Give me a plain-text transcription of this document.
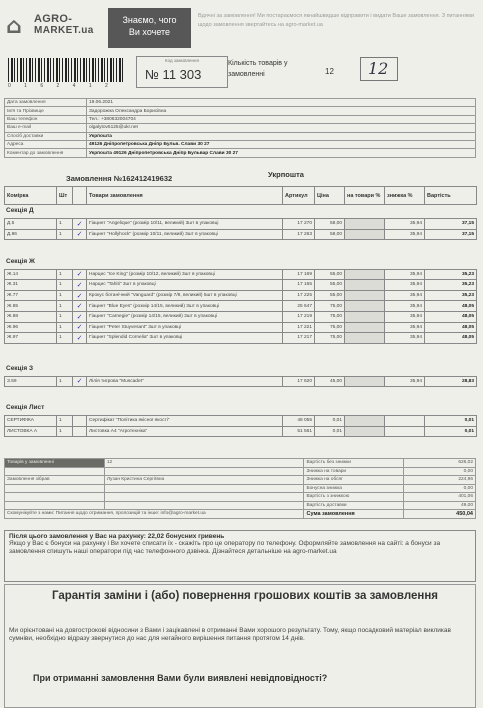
⌂ AGRO-
MARKET.ua
Знаємо, чого
Ви хочете
Вдячні за замовлення! Ми постараємося якнайшвидше відправити і видати Ваше замовлення. З питаннями щодо замовлення звертайтесь на agro-market.ua
0 1 6 2 4 1 2
Код замовлення
№ 11 303
Кількість товарів у замовленні	12 12
Дата замовлення	19.06.2021
Ім'я та Прізвище	Задорожна Олександра Борисівна
Ваш телефон	Тел.: +380632004704
Ваш e-mail	olgalytov5125@ukr.net
Спосіб доставки	Укрпошта
Адреса	49126 Дніпропетровська Дніпр Бульв. Слави 30 27
Коментар до замовлення	Укрпошта 49126 Дніпропетровська Дніпр Бульвар Слави 30 27
Замовлення №162412419632	Укрпошта
Комірка	Шт		Товари замовлення	Артикул	Ціна	на товари %	знижка %	Вартість
Секція Д
Д.5	1	✓	Гіацинт "Angelique" (розмір 10/11, великий) 3шт в упаковці	17 270	58,00		35,94	37,15
Д.86	1	✓	Гіацинт "Hollyhock" (розмір 10/11, великий) 3шт в упаковці	17 263	58,00		35,94	37,15
Секція Ж
Ж.14	1	✓	Нарцис "Ice King" (розмір 10/12, великий) 3шт в упаковці	17 169	55,00		35,94	35,23
Ж.31	1	✓	Нарцис "Tahiti" 3шт в упаковці	17 165	55,00		35,94	35,23
Ж.77	1	✓	Крокус ботанічний "Vanguard" (розмір 7/8, великий) 5шт в упаковці	17 225	55,00		35,94	35,23
Ж.85	1	✓	Гіацинт "Blue Eyes" (розмір 14/15, великий) 3шт в упаковці	25 547	75,00		35,94	48,05
Ж.88	1	✓	Гіацинт "Carnegie" (розмір 14/15, великий) 3шт в упаковці	17 219	75,00		35,94	48,05
Ж.96	1	✓	Гіацинт "Peter Stuyvesant" 3шт в упаковці	17 221	75,00		35,94	48,05
Ж.97	1	✓	Гіацинт "Splendid Cornelia" 3шт в упаковці	17 217	75,00		35,94	48,05
Секція З
З.59	1	✓	Лілія тигрова "Muscadet"	17 620	45,00		35,94	28,83
Секція Лист
СЕРТИФІКА	1		Сертифікат "Політика якісної якості"	48 055	0,01			0,01
ЛИСТОВКА А	1		Листовка А4 "Агротехніка"	51 561	0,01			0,01
Товарів у замовленні	12	Вартість без знижки	626,02
		Знижка на товари	0,00
Замовлення зібрав	Лузан Кристина Сергіївна	Знижка на обсяг	224,96
		Бонусна знижка	0,00
		Вартість з знижкою	401,06
		Вартість доставки	49,00
Скомунікуйте з нами: Питання щодо отримання, пропозицій та інше: info@agro-market.ua		Сума замовлення	450,04
Після цього замовлення у Вас на рахунку: 22,02 бонусних гривень
Якщо у Вас є бонуси на рахунку і Ви хочете списати їх - скажіть про це оператору по телефону. Оформляйте замовлення на сайті: а бонуси за замовлення спишуть наші оператори під час телефонного дзвінка. Дізнайтеся детальніше на agro-market.ua
Гарантія заміни і (або) повернення грошових коштів за замовлення
Ми орієнтовані на довгострокові відносини з Вами і зацікавлені в отриманні Вами хорошого результату. Тому, якщо посадковий матеріал викликав сумніви, необхідно відразу звернутися до нас для негайного вирішення питання протягом 14 днів.
При отриманні замовлення Вами були виявлені невідповідності?
